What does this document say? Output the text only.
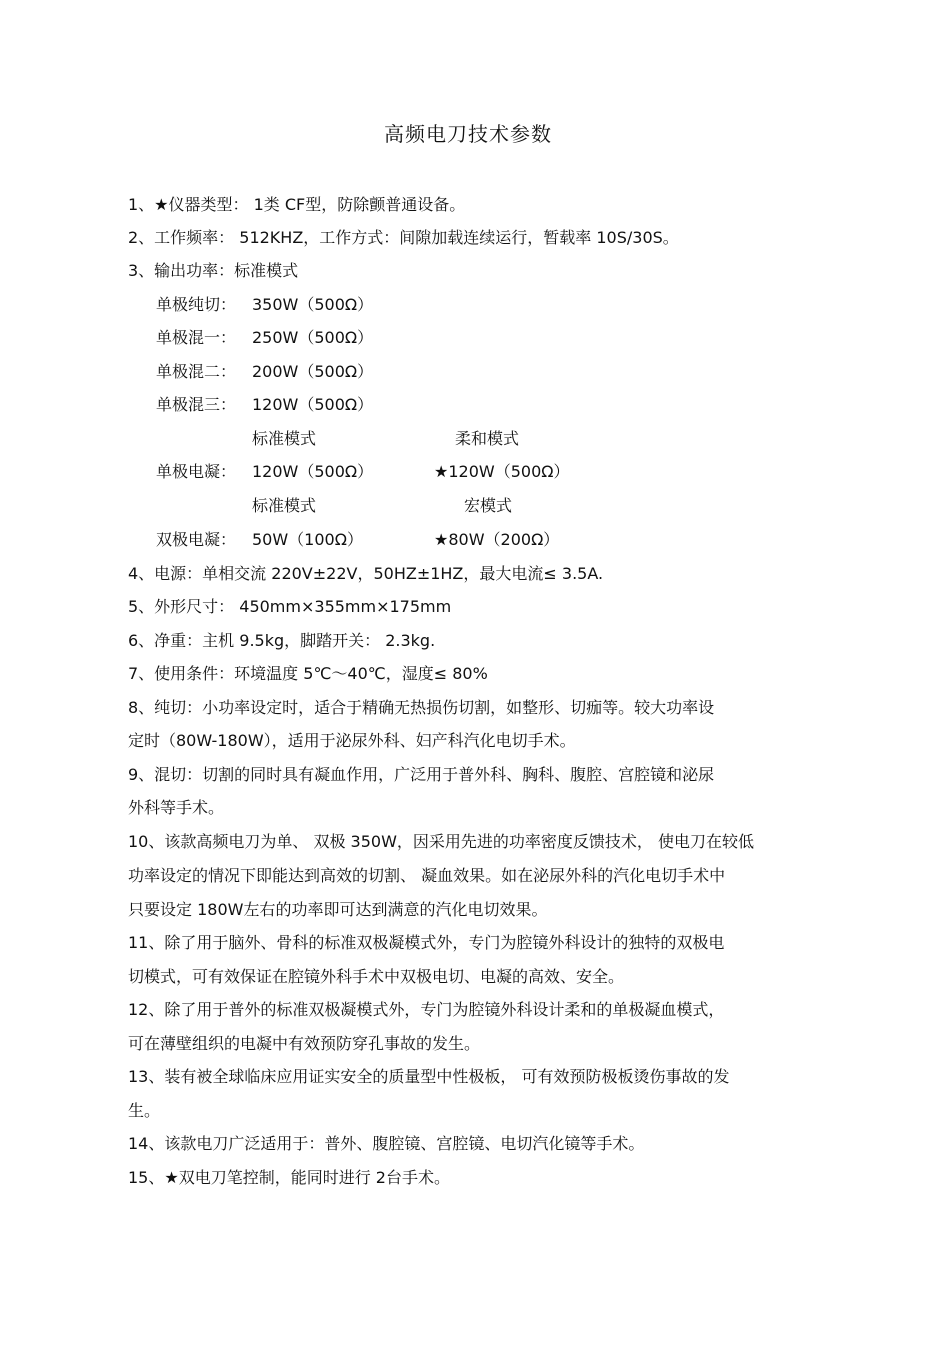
高频电刀技术参数
1、★仪器类型： 1类 CF型，防除颤普通设备。
2、工作频率： 512KHZ，工作方式：间隙加载连续运行，暂载率 10S/30S。
3、输出功率：标准模式
单极纯切： 350W（500Ω）
单极混一： 250W（500Ω）
单极混二： 200W（500Ω）
单极混三： 120W（500Ω）
标准模式	柔和模式
单极电凝： 120W（500Ω）	★120W（500Ω）
标准模式	宏模式
双极电凝： 50W（100Ω）	★80W（200Ω）
4、电源：单相交流 220V±22V，50HZ±1HZ，最大电流≤ 3.5A.
5、外形尺寸： 450mm×355mm×175mm
6、净重：主机 9.5kg，脚踏开关： 2.3kg.
7、使用条件：环境温度 5℃～40℃，湿度≤ 80%
8、纯切：小功率设定时，适合于精确无热损伤切割，如整形、切痂等。较大功率设
定时（80W-180W），适用于泌尿外科、妇产科汽化电切手术。
9、混切：切割的同时具有凝血作用，广泛用于普外科、胸科、腹腔、宫腔镜和泌尿
外科等手术。
10、该款高频电刀为单、 双极 350W，因采用先进的功率密度反馈技术， 使电刀在较低
功率设定的情况下即能达到高效的切割、 凝血效果。如在泌尿外科的汽化电切手术中
只要设定 180W左右的功率即可达到满意的汽化电切效果。
11、除了用于脑外、骨科的标准双极凝模式外，专门为腔镜外科设计的独特的双极电
切模式，可有效保证在腔镜外科手术中双极电切、电凝的高效、安全。
12、除了用于普外的标准双极凝模式外，专门为腔镜外科设计柔和的单极凝血模式，
可在薄壁组织的电凝中有效预防穿孔事故的发生。
13、装有被全球临床应用证实安全的质量型中性极板， 可有效预防极板烫伤事故的发
生。
14、该款电刀广泛适用于：普外、腹腔镜、宫腔镜、电切汽化镜等手术。
15、★双电刀笔控制，能同时进行 2台手术。
